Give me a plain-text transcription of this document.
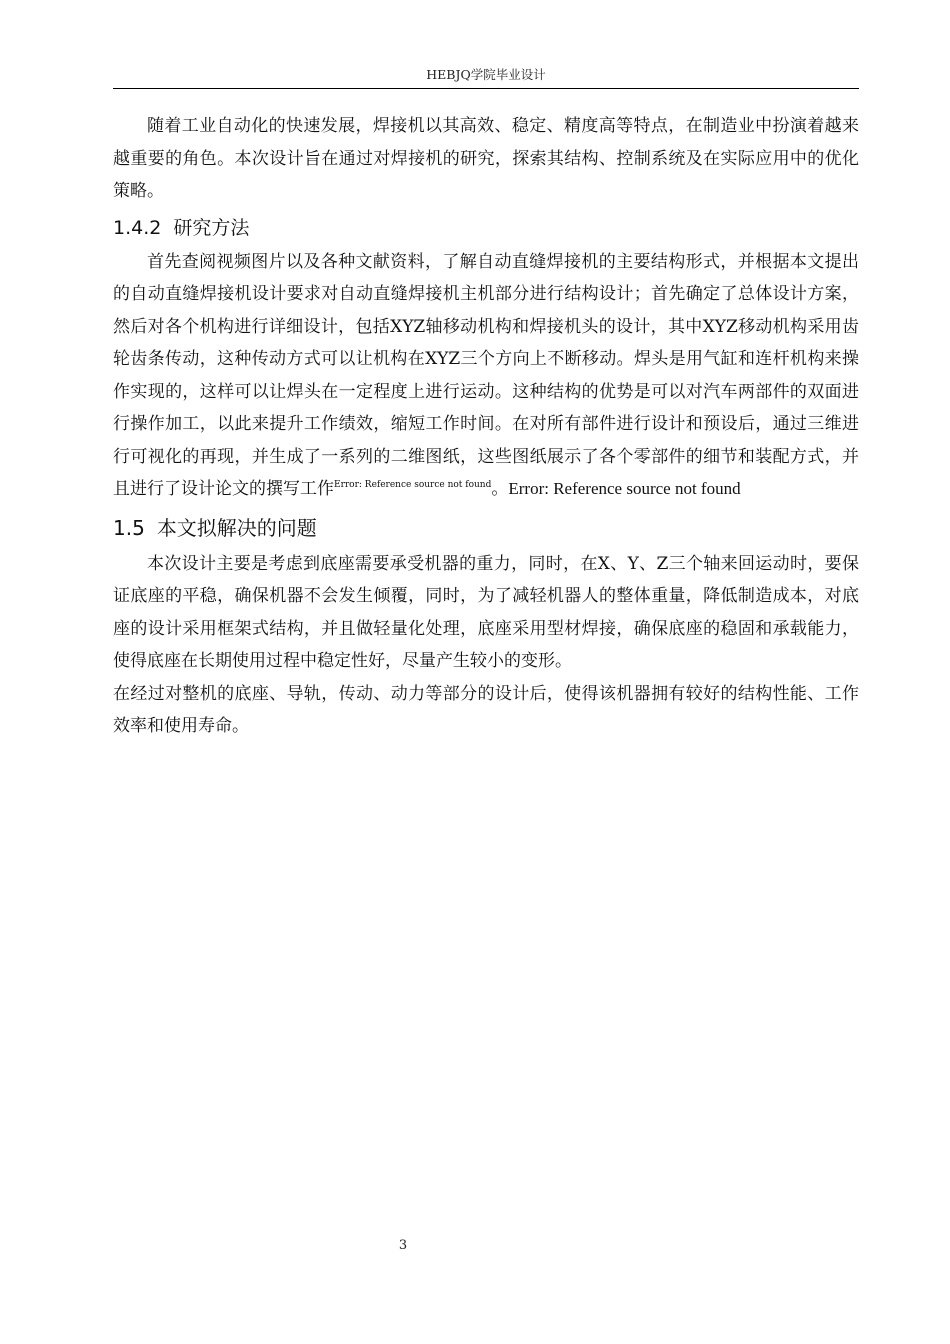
HEBJQ学院毕业设计

随着工业自动化的快速发展，焊接机以其高效、稳定、精度高等特点，在制造业中扮演着越来越重要的角色。本次设计旨在通过对焊接机的研究，探索其结构、控制系统及在实际应用中的优化策略。

1.4.2 研究方法

首先查阅视频图片以及各种文献资料，了解自动直缝焊接机的主要结构形式，并根据本文提出的自动直缝焊接机设计要求对自动直缝焊接机主机部分进行结构设计；首先确定了总体设计方案，然后对各个机构进行详细设计，包括XYZ轴移动机构和焊接机头的设计，其中XYZ移动机构采用齿轮齿条传动，这种传动方式可以让机构在XYZ三个方向上不断移动。焊头是用气缸和连杆机构来操作实现的，这样可以让焊头在一定程度上进行运动。这种结构的优势是可以对汽车两部件的双面进行操作加工，以此来提升工作绩效，缩短工作时间。在对所有部件进行设计和预设后，通过三维进行可视化的再现，并生成了一系列的二维图纸，这些图纸展示了各个零部件的细节和装配方式，并且进行了设计论文的撰写工作$^{Error: Reference source not found}$。Error: Reference source not found

1.5 本文拟解决的问题

本次设计主要是考虑到底座需要承受机器的重力，同时，在X、Y、Z三个轴来回运动时，要保证底座的平稳，确保机器不会发生倾覆，同时，为了减轻机器人的整体重量，降低制造成本，对底座的设计采用框架式结构，并且做轻量化处理，底座采用型材焊接，确保底座的稳固和承载能力，使得底座在长期使用过程中稳定性好，尽量产生较小的变形。

在经过对整机的底座、导轨，传动、动力等部分的设计后，使得该机器拥有较好的结构性能、工作效率和使用寿命。

3
